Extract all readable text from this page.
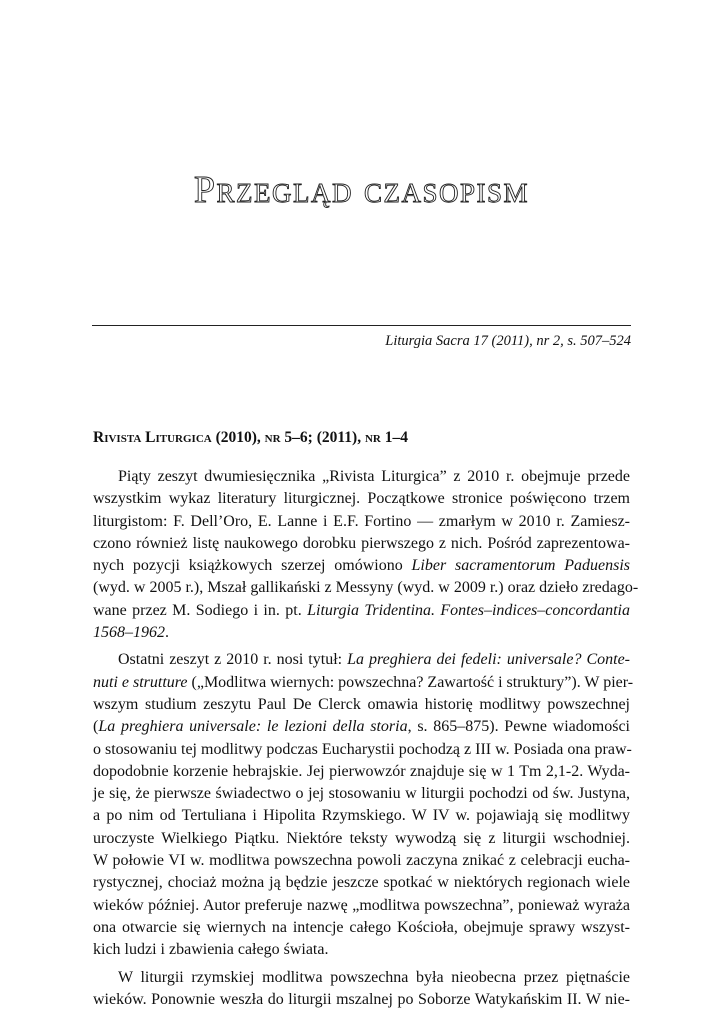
Przegląd czasopism
Liturgia Sacra 17 (2011), nr 2, s. 507–524
Rivista Liturgica (2010), nr 5–6; (2011), nr 1–4
Piąty zeszyt dwumiesięcznika „Rivista Liturgica” z 2010 r. obejmuje przede
wszystkim wykaz literatury liturgicznej. Początkowe stronice poświęcono trzem
liturgistom: F. Dell’Oro, E. Lanne i E.F. Fortino — zmarłym w 2010 r. Zamiesz-
czono również listę naukowego dorobku pierwszego z nich. Pośród zaprezentowa-
nych pozycji książkowych szerzej omówiono Liber sacramentorum Paduensis
(wyd. w 2005 r.), Mszał gallikański z Messyny (wyd. w 2009 r.) oraz dzieło zredago-
wane przez M. Sodiego i in. pt. Liturgia Tridentina. Fontes–indices–concordantia
1568–1962.
Ostatni zeszyt z 2010 r. nosi tytuł: La preghiera dei fedeli: universale? Conte-
nuti e strutture („Modlitwa wiernych: powszechna? Zawartość i struktury”). W pier-
wszym studium zeszytu Paul De Clerck omawia historię modlitwy powszechnej
(La preghiera universale: le lezioni della storia, s. 865–875). Pewne wiadomości
o stosowaniu tej modlitwy podczas Eucharystii pochodzą z III w. Posiada ona praw-
dopodobnie korzenie hebrajskie. Jej pierwowzór znajduje się w 1 Tm 2,1-2. Wyda-
je się, że pierwsze świadectwo o jej stosowaniu w liturgii pochodzi od św. Justyna,
a po nim od Tertuliana i Hipolita Rzymskiego. W IV w. pojawiają się modlitwy
uroczyste Wielkiego Piątku. Niektóre teksty wywodzą się z liturgii wschodniej.
W połowie VI w. modlitwa powszechna powoli zaczyna znikać z celebracji eucha-
rystycznej, chociaż można ją będzie jeszcze spotkać w niektórych regionach wiele
wieków później. Autor preferuje nazwę „modlitwa powszechna”, ponieważ wyraża
ona otwarcie się wiernych na intencje całego Kościoła, obejmuje sprawy wszyst-
kich ludzi i zbawienia całego świata.
W liturgii rzymskiej modlitwa powszechna była nieobecna przez piętnaście
wieków. Ponownie weszła do liturgii mszalnej po Soborze Watykańskim II. W nie-
